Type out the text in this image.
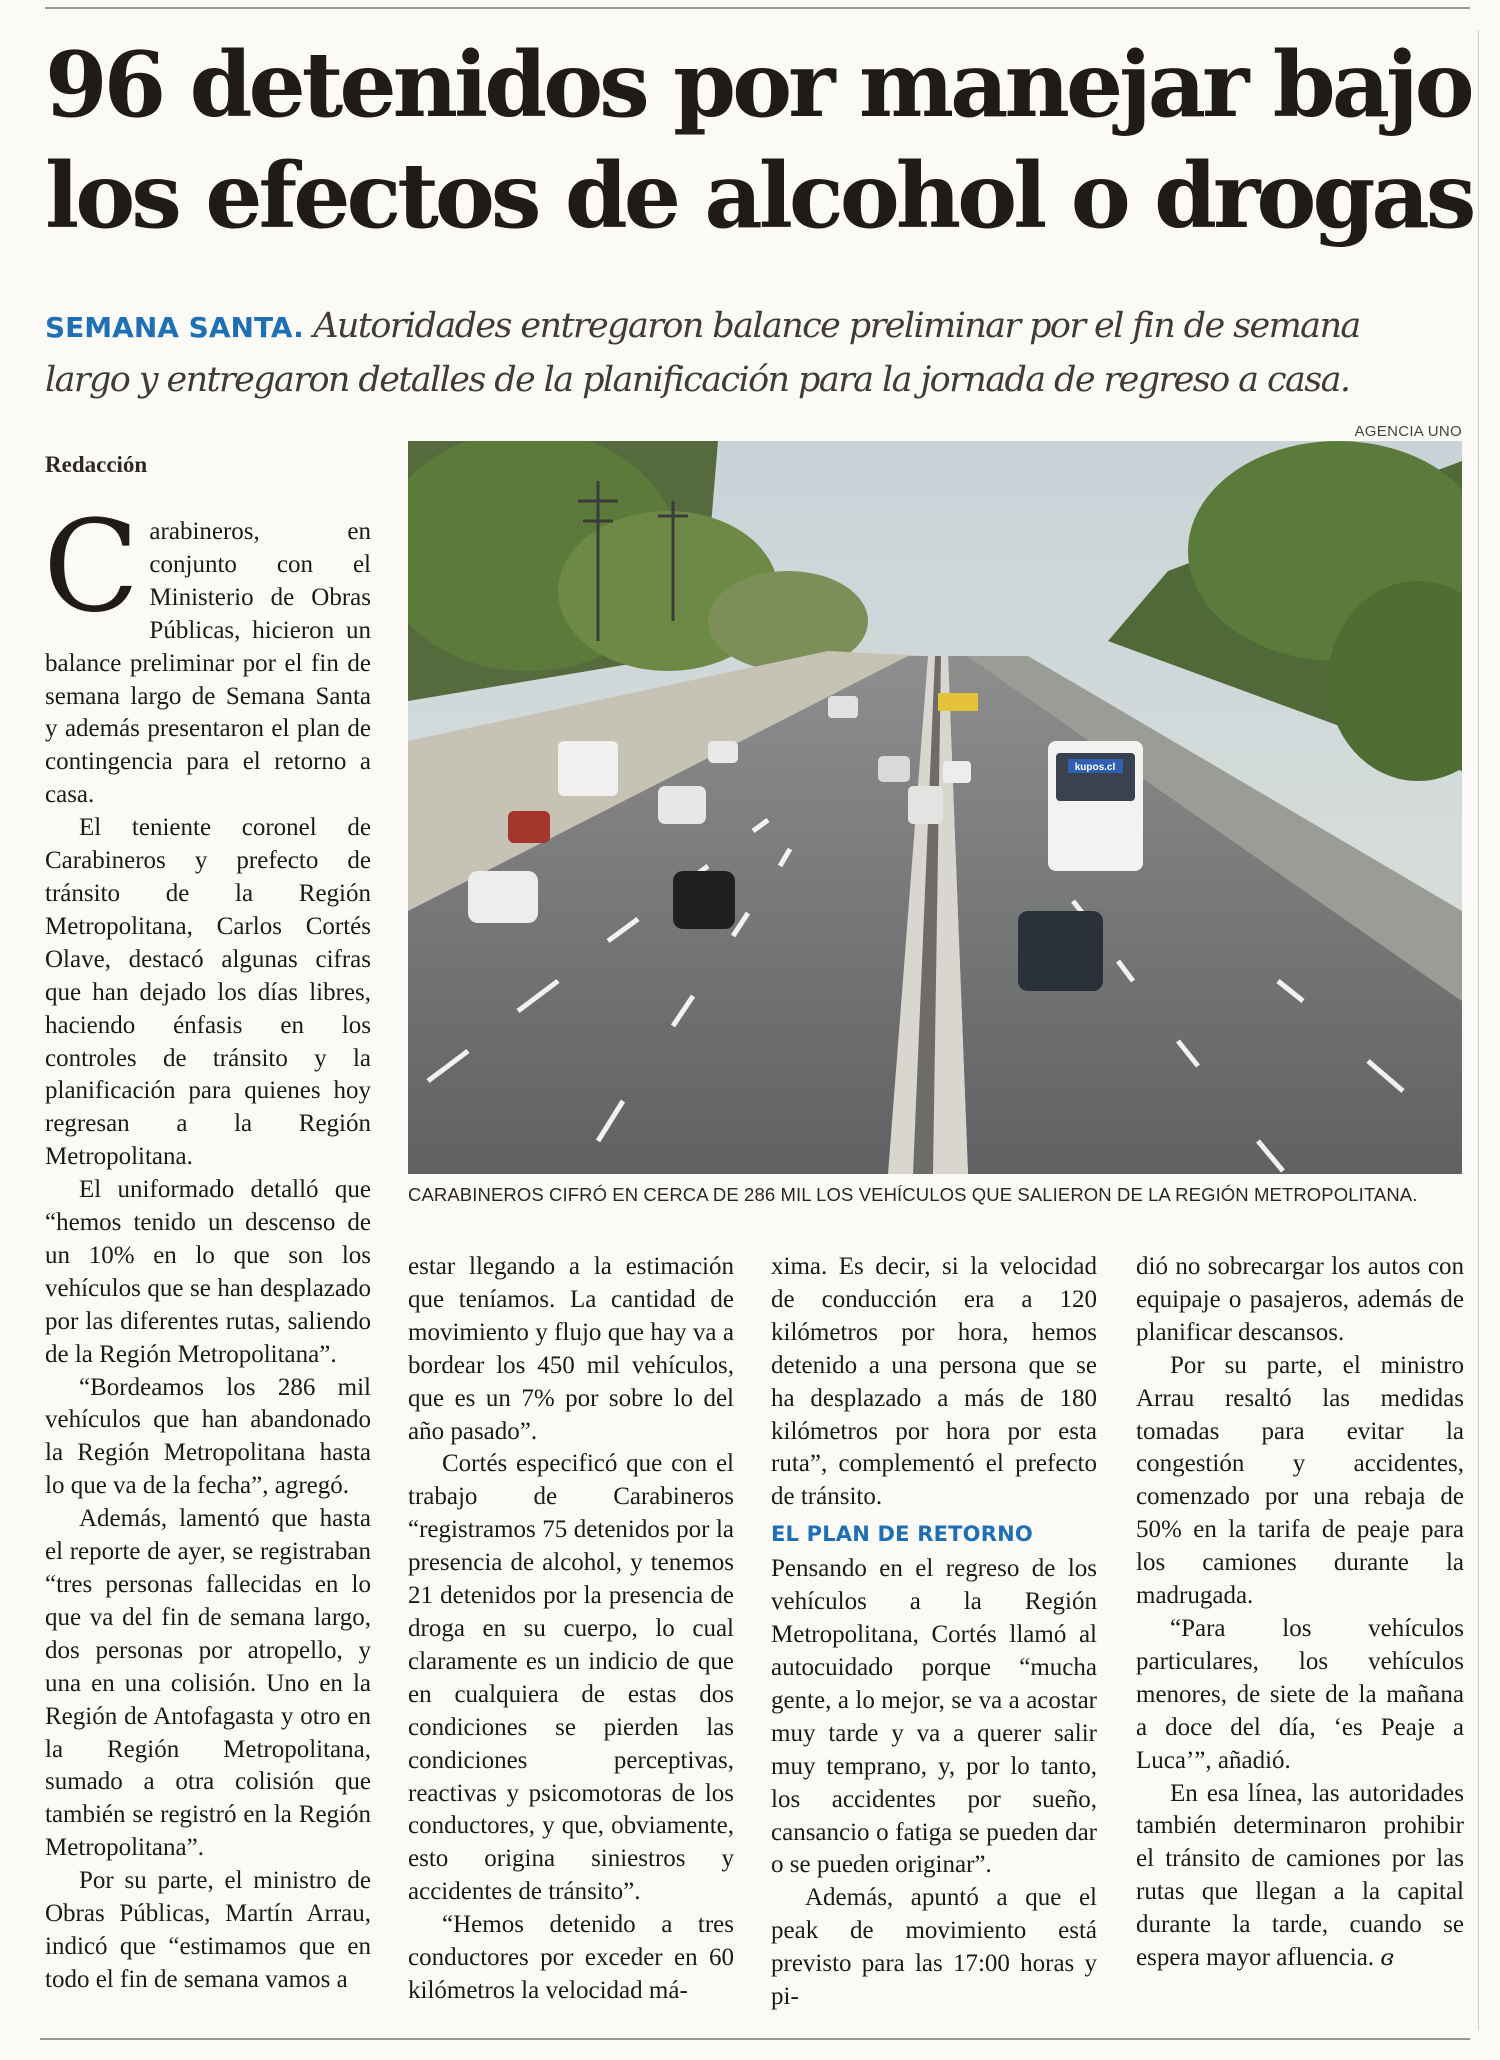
96 detenidos por manejar bajo
los efectos de alcohol o drogas

SEMANA SANTA. Autoridades entregaron balance preliminar por el fin de semana
largo y entregaron detalles de la planificación para la jornada de regreso a casa.

Redacción
AGENCIA UNO
kupos.cl
CARABINEROS CIFRÓ EN CERCA DE 286 MIL LOS VEHÍCULOS QUE SALIERON DE LA REGIÓN METROPOLITANA.

Carabineros, en conjunto con el Ministerio de Obras Públicas, hicieron un balance preliminar por el fin de semana largo de Semana Santa y además presentaron el plan de contingencia para el retorno a casa.

El teniente coronel de Carabineros y prefecto de tránsito de la Región Metropolitana, Carlos Cortés Olave, destacó algunas cifras que han dejado los días libres, haciendo énfasis en los controles de tránsito y la planificación para quienes hoy regresan a la Región Metropolitana.

El uniformado detalló que “hemos tenido un descenso de un 10% en lo que son los vehículos que se han desplazado por las diferentes rutas, saliendo de la Región Metropolitana”.

“Bordeamos los 286 mil vehículos que han abandonado la Región Metropolitana hasta lo que va de la fecha”, agregó.

Además, lamentó que hasta el reporte de ayer, se registraban “tres personas fallecidas en lo que va del fin de semana largo, dos personas por atropello, y una en una colisión. Uno en la Región de Antofagasta y otro en la Región Metropolitana, sumado a otra colisión que también se registró en la Región Metropolitana”.

Por su parte, el ministro de Obras Públicas, Martín Arrau, indicó que “estimamos que en todo el fin de semana vamos a

estar llegando a la estimación que teníamos. La cantidad de movimiento y flujo que hay va a bordear los 450 mil vehículos, que es un 7% por sobre lo del año pasado”.

Cortés especificó que con el trabajo de Carabineros “registramos 75 detenidos por la presencia de alcohol, y tenemos 21 detenidos por la presencia de droga en su cuerpo, lo cual claramente es un indicio de que en cualquiera de estas dos condiciones se pierden las condiciones perceptivas, reactivas y psicomotoras de los conductores, y que, obviamente, esto origina siniestros y accidentes de tránsito”.

“Hemos detenido a tres conductores por exceder en 60 kilómetros la velocidad má-

xima. Es decir, si la velocidad de conducción era a 120 kilómetros por hora, hemos detenido a una persona que se ha desplazado a más de 180 kilómetros por hora por esta ruta”, complementó el prefecto de tránsito.

EL PLAN DE RETORNO

Pensando en el regreso de los vehículos a la Región Metropolitana, Cortés llamó al autocuidado porque “mucha gente, a lo mejor, se va a acostar muy tarde y va a querer salir muy temprano, y, por lo tanto, los accidentes por sueño, cansancio o fatiga se pueden dar o se pueden originar”.

Además, apuntó a que el peak de movimiento está previsto para las 17:00 horas y pi-

dió no sobrecargar los autos con equipaje o pasajeros, además de planificar descansos.

Por su parte, el ministro Arrau resaltó las medidas tomadas para evitar la congestión y accidentes, comenzado por una rebaja de 50% en la tarifa de peaje para los camiones durante la madrugada.

“Para los vehículos particulares, los vehículos menores, de siete de la mañana a doce del día, ‘es Peaje a Luca’”, añadió.

En esa línea, las autoridades también determinaron prohibir el tránsito de camiones por las rutas que llegan a la capital durante la tarde, cuando se espera mayor afluencia. ɞ
